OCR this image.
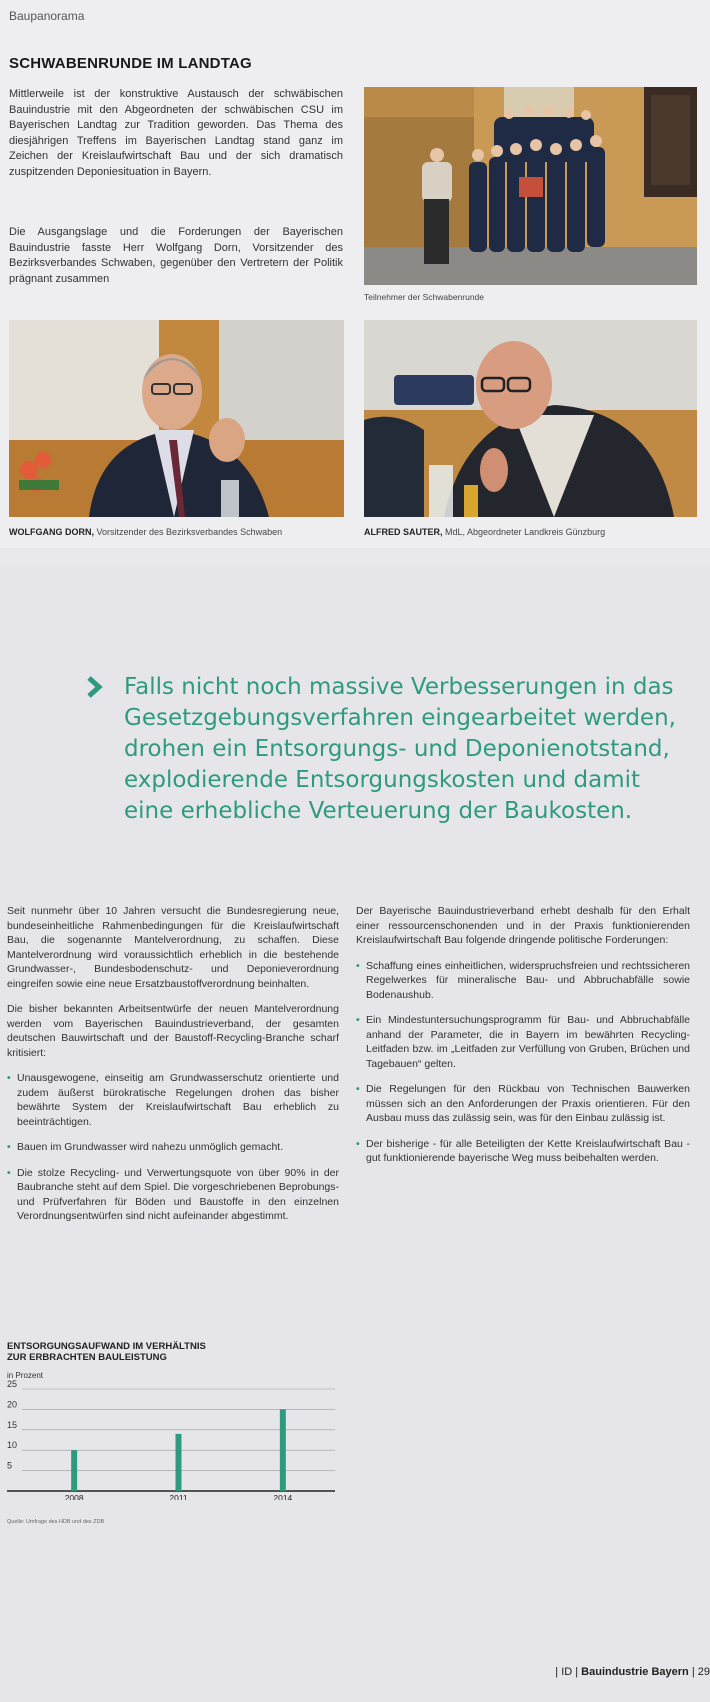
Baupanorama
SCHWABENRUNDE IM LANDTAG
Mittlerweile ist der konstruktive Austausch der schwäbischen Bauindustrie mit den Abgeordneten der schwäbischen CSU im Bayerischen Landtag zur Tradition geworden. Das Thema des diesjährigen Treffens im Bayerischen Landtag stand ganz im Zeichen der Kreislaufwirtschaft Bau und der sich dramatisch zuspitzenden Deponiesituation in Bayern.
Die Ausgangslage und die Forderungen der Bayerischen Bauindustrie fasste Herr Wolfgang Dorn, Vorsitzender des Bezirksverbandes Schwaben, gegenüber den Vertretern der Politik prägnant zusammen
Teilnehmer der Schwabenrunde
WOLFGANG DORN, Vorsitzender des Bezirksverbandes Schwaben	ALFRED SAUTER, MdL, Abgeordneter Landkreis Günzburg
Falls nicht noch massive Verbesserungen in das Gesetzgebungsverfahren eingearbeitet werden, drohen ein Entsorgungs- und Deponienotstand, explodierende Entsorgungskosten und damit eine erhebliche Verteuerung der Baukosten.

Seit nunmehr über 10 Jahren versucht die Bundesregierung neue, bundeseinheitliche Rahmenbedingungen für die Kreislaufwirtschaft Bau, die sogenannte Mantelverordnung, zu schaffen. Diese Mantelverordnung wird voraussichtlich erheblich in die bestehende Grundwasser-, Bundesbodenschutz- und Deponieverordnung eingreifen sowie eine neue Ersatzbaustoffverordnung beinhalten.

Die bisher bekannten Arbeitsentwürfe der neuen Mantelverordnung werden vom Bayerischen Bauindustrieverband, der gesamten deutschen Bauwirtschaft und der Baustoff-Recycling-Branche scharf kritisiert:

• Unausgewogene, einseitig am Grundwasserschutz orientierte und zudem äußerst bürokratische Regelungen drohen das bisher bewährte System der Kreislaufwirtschaft Bau erheblich zu beeinträchtigen.
• Bauen im Grundwasser wird nahezu unmöglich gemacht.
• Die stolze Recycling- und Verwertungsquote von über 90% in der Baubranche steht auf dem Spiel. Die vorgeschriebenen Beprobungs- und Prüfverfahren für Böden und Baustoffe in den einzelnen Verordnungsentwürfen sind nicht aufeinander abgestimmt.

Der Bayerische Bauindustrieverband erhebt deshalb für den Erhalt einer ressourcenschonenden und in der Praxis funktionierenden Kreislaufwirtschaft Bau folgende dringende politische Forderungen:

• Schaffung eines einheitlichen, widerspruchsfreien und rechtssicheren Regelwerkes für mineralische Bau- und Abbruchabfälle sowie Bodenaushub.
• Ein Mindestuntersuchungsprogramm für Bau- und Abbruchabfälle anhand der Parameter, die in Bayern im bewährten Recycling-Leitfaden bzw. im „Leitfaden zur Verfüllung von Gruben, Brüchen und Tagebauen“ gelten.
• Die Regelungen für den Rückbau von Technischen Bauwerken müssen sich an den Anforderungen der Praxis orientieren. Für den Ausbau muss das zulässig sein, was für den Einbau zulässig ist.
• Der bisherige - für alle Beteiligten der Kette Kreislaufwirtschaft Bau - gut funktionierende bayerische Weg muss beibehalten werden.
ENTSORGUNGSAUFWAND IM VERHÄLTNIS
ZUR ERBRACHTEN BAULEISTUNG
in Prozent
5
10
15
20
25
2008	2011	2014
Quelle: Umfrage des HDB und des ZDB
| ID | Bauindustrie Bayern | 29
